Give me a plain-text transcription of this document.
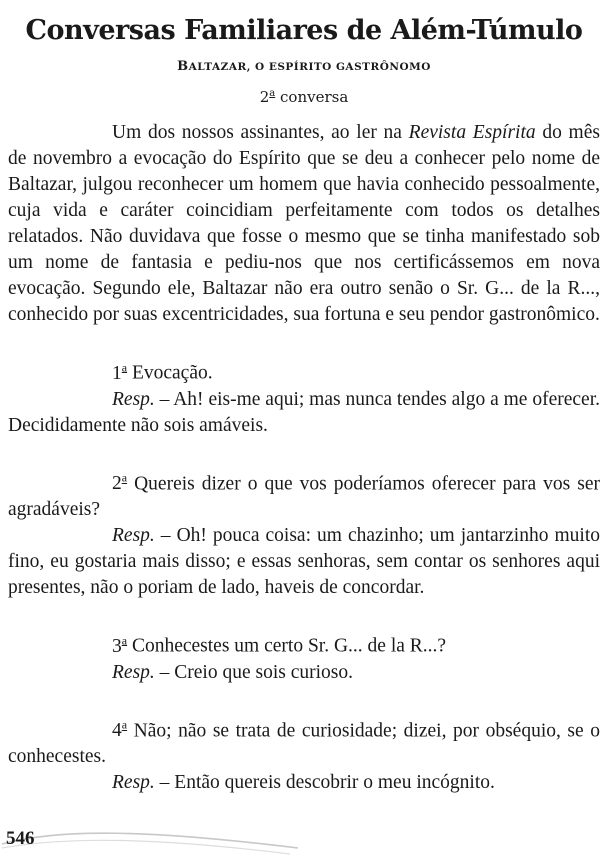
Conversas Familiares de Além-Túmulo
BALTAZAR, O ESPÍRITO GASTRÔNOMO
2$^a$ conversa

Um dos nossos assinantes, ao ler na Revista Espírita do mês de novembro a evocação do Espírito que se deu a conhecer pelo nome de Baltazar, julgou reconhecer um homem que havia conhecido pessoalmente, cuja vida e caráter coincidiam perfeitamente com todos os detalhes relatados. Não duvidava que fosse o mesmo que se tinha manifestado sob um nome de fantasia e pediu-nos que nos certificássemos em nova evocação. Segundo ele, Baltazar não era outro senão o Sr. G... de la R..., conhecido por suas excentricidades, sua fortuna e seu pendor gastronômico.

1$^a$ Evocação.

Resp. – Ah! eis-me aqui; mas nunca tendes algo a me oferecer. Decididamente não sois amáveis.

2$^a$ Quereis dizer o que vos poderíamos oferecer para vos ser agradáveis?

Resp. – Oh! pouca coisa: um chazinho; um jantarzinho muito fino, eu gostaria mais disso; e essas senhoras, sem contar os senhores aqui presentes, não o poriam de lado, haveis de concordar.

3$^a$ Conhecestes um certo Sr. G... de la R...?

Resp. – Creio que sois curioso.

4$^a$ Não; não se trata de curiosidade; dizei, por obséquio, se o conhecestes.

Resp. – Então quereis descobrir o meu incógnito.

546
